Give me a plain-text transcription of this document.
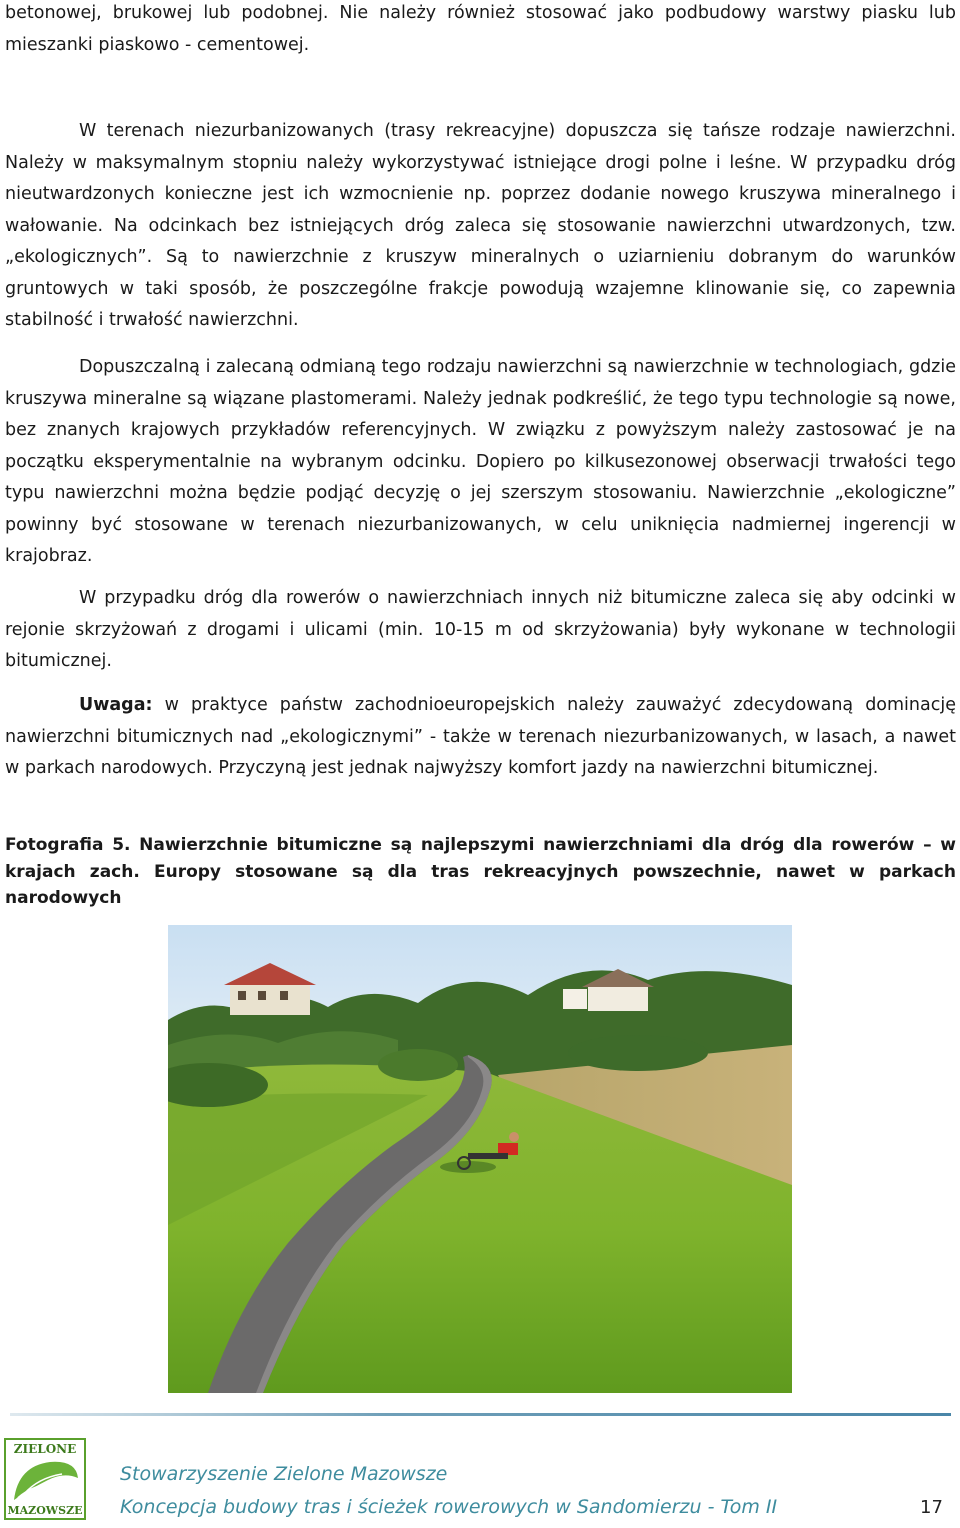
betonowej, brukowej lub podobnej. Nie należy również stosować jako podbudowy warstwy piasku lub mieszanki piaskowo - cementowej.

W terenach niezurbanizowanych (trasy rekreacyjne) dopuszcza się tańsze rodzaje nawierzchni. Należy w maksymalnym stopniu należy wykorzystywać istniejące drogi polne i leśne. W przypadku dróg nieutwardzonych konieczne jest ich wzmocnienie np. poprzez dodanie nowego kruszywa mineralnego i wałowanie. Na odcinkach bez istniejących dróg zaleca się stosowanie nawierzchni utwardzonych, tzw. „ekologicznych”. Są to nawierzchnie z kruszyw mineralnych o uziarnieniu dobranym do warunków gruntowych w taki sposób, że poszczególne frakcje powodują wzajemne klinowanie się, co zapewnia stabilność i trwałość nawierzchni.

Dopuszczalną i zalecaną odmianą tego rodzaju nawierzchni są nawierzchnie w technologiach, gdzie kruszywa mineralne są wiązane plastomerami. Należy jednak podkreślić, że tego typu technologie są nowe, bez znanych krajowych przykładów referencyjnych. W związku z powyższym należy zastosować je na początku eksperymentalnie na wybranym odcinku. Dopiero po kilkusezonowej obserwacji trwałości tego typu nawierzchni można będzie podjąć decyzję o jej szerszym stosowaniu. Nawierzchnie „ekologiczne” powinny być stosowane w terenach niezurbanizowanych, w celu uniknięcia nadmiernej ingerencji w krajobraz.

W przypadku dróg dla rowerów o nawierzchniach innych niż bitumiczne zaleca się aby odcinki w rejonie skrzyżowań z drogami i ulicami (min. 10-15 m od skrzyżowania) były wykonane w technologii bitumicznej.

Uwaga: w praktyce państw zachodnioeuropejskich należy zauważyć zdecydowaną dominację nawierzchni bitumicznych nad „ekologicznymi” - także w terenach niezurbanizowanych, w lasach, a nawet w parkach narodowych. Przyczyną jest jednak najwyższy komfort jazdy na nawierzchni bitumicznej.

Fotografia 5. Nawierzchnie bitumiczne są najlepszymi nawierzchniami dla dróg dla rowerów – w krajach zach. Europy stosowane są dla tras rekreacyjnych powszechnie, nawet w parkach narodowych

ZIELONE
MAZOWSZE

Stowarzyszenie Zielone Mazowsze

Koncepcja budowy tras i ścieżek rowerowych w Sandomierzu - Tom II	17
